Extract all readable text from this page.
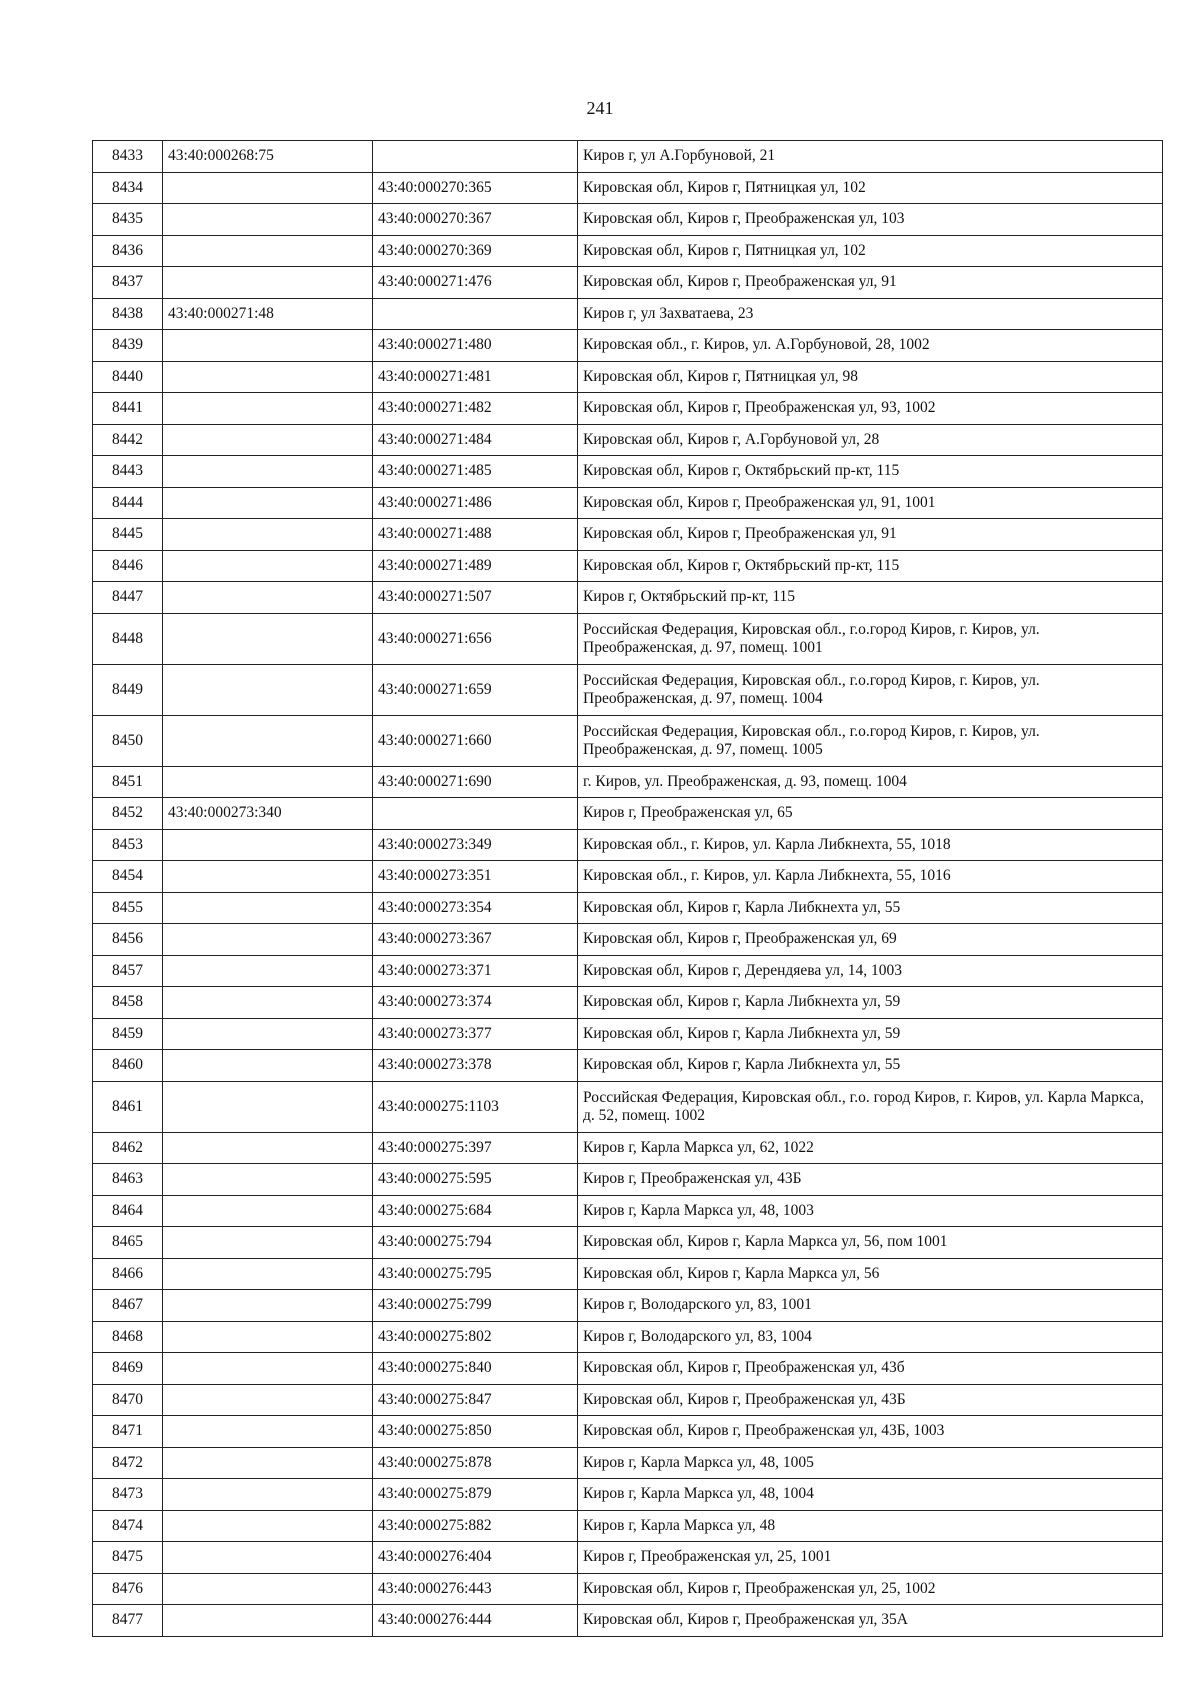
241
8433	43:40:000268:75		Киров г, ул А.Горбуновой, 21
8434		43:40:000270:365	Кировская обл, Киров г, Пятницкая ул, 102
8435		43:40:000270:367	Кировская обл, Киров г, Преображенская ул, 103
8436		43:40:000270:369	Кировская обл, Киров г, Пятницкая ул, 102
8437		43:40:000271:476	Кировская обл, Киров г, Преображенская ул, 91
8438	43:40:000271:48		Киров г, ул Захватаева, 23
8439		43:40:000271:480	Кировская обл., г. Киров, ул. А.Горбуновой, 28, 1002
8440		43:40:000271:481	Кировская обл, Киров г, Пятницкая ул, 98
8441		43:40:000271:482	Кировская обл, Киров г, Преображенская ул, 93, 1002
8442		43:40:000271:484	Кировская обл, Киров г, А.Горбуновой ул, 28
8443		43:40:000271:485	Кировская обл, Киров г, Октябрьский пр-кт, 115
8444		43:40:000271:486	Кировская обл, Киров г, Преображенская ул, 91, 1001
8445		43:40:000271:488	Кировская обл, Киров г, Преображенская ул, 91
8446		43:40:000271:489	Кировская обл, Киров г, Октябрьский пр-кт, 115
8447		43:40:000271:507	Киров г, Октябрьский пр-кт, 115
8448		43:40:000271:656	Российская Федерация, Кировская обл., г.о.город Киров, г. Киров, ул. Преображенская, д. 97, помещ. 1001
8449		43:40:000271:659	Российская Федерация, Кировская обл., г.о.город Киров, г. Киров, ул. Преображенская, д. 97, помещ. 1004
8450		43:40:000271:660	Российская Федерация, Кировская обл., г.о.город Киров, г. Киров, ул. Преображенская, д. 97, помещ. 1005
8451		43:40:000271:690	г. Киров, ул. Преображенская, д. 93, помещ. 1004
8452	43:40:000273:340		Киров г, Преображенская ул, 65
8453		43:40:000273:349	Кировская обл., г. Киров, ул. Карла Либкнехта, 55, 1018
8454		43:40:000273:351	Кировская обл., г. Киров, ул. Карла Либкнехта, 55, 1016
8455		43:40:000273:354	Кировская обл, Киров г, Карла Либкнехта ул, 55
8456		43:40:000273:367	Кировская обл, Киров г, Преображенская ул, 69
8457		43:40:000273:371	Кировская обл, Киров г, Дерендяева ул, 14, 1003
8458		43:40:000273:374	Кировская обл, Киров г, Карла Либкнехта ул, 59
8459		43:40:000273:377	Кировская обл, Киров г, Карла Либкнехта ул, 59
8460		43:40:000273:378	Кировская обл, Киров г, Карла Либкнехта ул, 55
8461		43:40:000275:1103	Российская Федерация, Кировская обл., г.о. город Киров, г. Киров, ул. Карла Маркса, д. 52, помещ. 1002
8462		43:40:000275:397	Киров г, Карла Маркса ул, 62, 1022
8463		43:40:000275:595	Киров г, Преображенская ул, 43Б
8464		43:40:000275:684	Киров г, Карла Маркса ул, 48, 1003
8465		43:40:000275:794	Кировская обл, Киров г, Карла Маркса ул, 56, пом 1001
8466		43:40:000275:795	Кировская обл, Киров г, Карла Маркса ул, 56
8467		43:40:000275:799	Киров г, Володарского ул, 83, 1001
8468		43:40:000275:802	Киров г, Володарского ул, 83, 1004
8469		43:40:000275:840	Кировская обл, Киров г, Преображенская ул, 43б
8470		43:40:000275:847	Кировская обл, Киров г, Преображенская ул, 43Б
8471		43:40:000275:850	Кировская обл, Киров г, Преображенская ул, 43Б, 1003
8472		43:40:000275:878	Киров г, Карла Маркса ул, 48, 1005
8473		43:40:000275:879	Киров г, Карла Маркса ул, 48, 1004
8474		43:40:000275:882	Киров г, Карла Маркса ул, 48
8475		43:40:000276:404	Киров г, Преображенская ул, 25, 1001
8476		43:40:000276:443	Кировская обл, Киров г, Преображенская ул, 25, 1002
8477		43:40:000276:444	Кировская обл, Киров г, Преображенская ул, 35А
